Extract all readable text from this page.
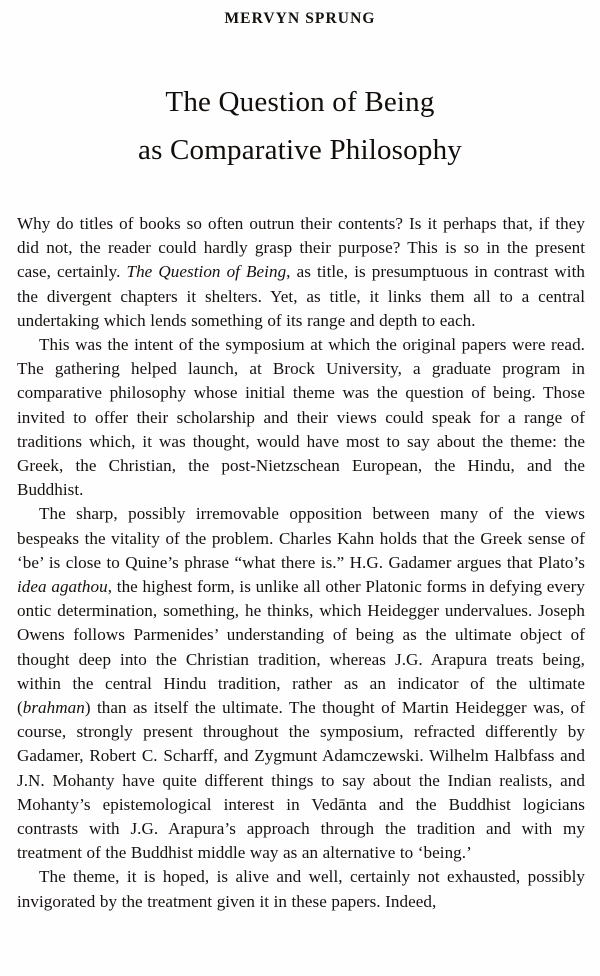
MERVYN SPRUNG
The Question of Being
as Comparative Philosophy

Why do titles of books so often outrun their contents? Is it perhaps that, if they did not, the reader could hardly grasp their purpose? This is so in the present case, certainly. The Question of Being, as title, is presumptuous in contrast with the divergent chapters it shelters. Yet, as title, it links them all to a central undertaking which lends something of its range and depth to each.

This was the intent of the symposium at which the original papers were read. The gathering helped launch, at Brock University, a graduate program in comparative philosophy whose initial theme was the question of being. Those invited to offer their scholarship and their views could speak for a range of traditions which, it was thought, would have most to say about the theme: the Greek, the Christian, the post-Nietzschean European, the Hindu, and the Buddhist.

The sharp, possibly irremovable opposition between many of the views bespeaks the vitality of the problem. Charles Kahn holds that the Greek sense of ‘be’ is close to Quine’s phrase “what there is.” H.G. Gadamer argues that Plato’s idea agathou, the highest form, is unlike all other Platonic forms in defying every ontic determination, something, he thinks, which Heidegger undervalues. Joseph Owens follows Parmenides’ understanding of being as the ultimate object of thought deep into the Christian tradition, whereas J.G. Arapura treats being, within the central Hindu tradition, rather as an indicator of the ultimate (brahman) than as itself the ultimate. The thought of Martin Heidegger was, of course, strongly present throughout the symposium, refracted differently by Gadamer, Robert C. Scharff, and Zygmunt Adamczewski. Wilhelm Halbfass and J.N. Mohanty have quite different things to say about the Indian realists, and Mohanty’s epistemological interest in Vedānta and the Buddhist logicians contrasts with J.G. Arapura’s approach through the tradition and with my treatment of the Buddhist middle way as an alternative to ‘being.’

The theme, it is hoped, is alive and well, certainly not exhausted, possibly invigorated by the treatment given it in these papers. Indeed,
